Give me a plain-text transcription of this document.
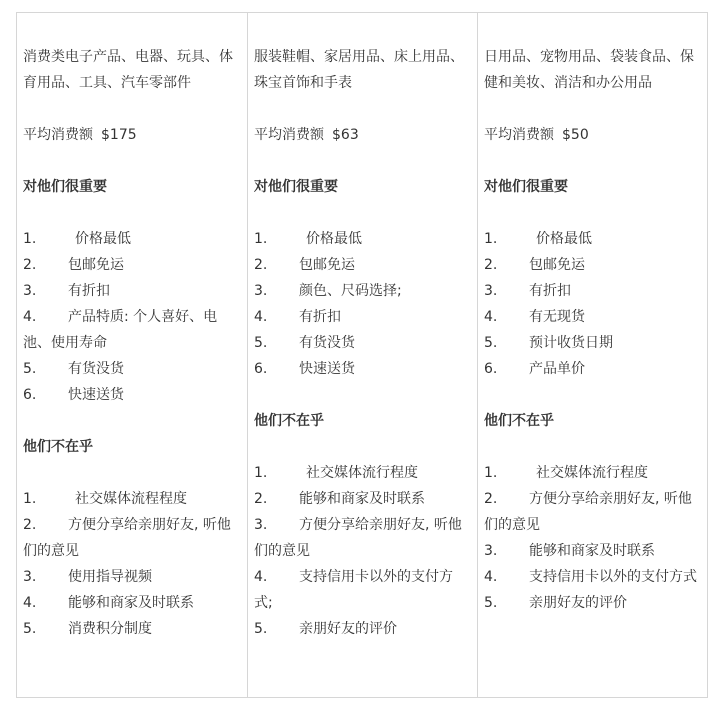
消费类电子产品、电器、玩具、体育用品、工具、汽车零部件
平均消费额 $175
对他们很重要
1.	价格最低
2. 包邮免运
3. 有折扣
4. 产品特质: 个人喜好、电池、使用寿命
5. 有货没货
6. 快速送货
他们不在乎
1.	社交媒体流程程度
2. 方便分享给亲朋好友, 听他们的意见
3. 使用指导视频
4. 能够和商家及时联系
5. 消费积分制度
服装鞋帽、家居用品、床上用品、珠宝首饰和手表
平均消费额 $63
对他们很重要
1.	价格最低
2. 包邮免运
3. 颜色、尺码选择;
4. 有折扣
5. 有货没货
6. 快速送货
他们不在乎
1.	社交媒体流行程度
2. 能够和商家及时联系
3. 方便分享给亲朋好友, 听他们的意见
4. 支持信用卡以外的支付方式;
5. 亲朋好友的评价
日用品、宠物用品、袋装食品、保健和美妆、消洁和办公用品
平均消费额 $50
对他们很重要
1.	价格最低
2. 包邮免运
3. 有折扣
4. 有无现货
5. 预计收货日期
6. 产品单价
他们不在乎
1.	社交媒体流行程度
2. 方便分享给亲朋好友, 听他们的意见
3. 能够和商家及时联系
4. 支持信用卡以外的支付方式
5. 亲朋好友的评价
